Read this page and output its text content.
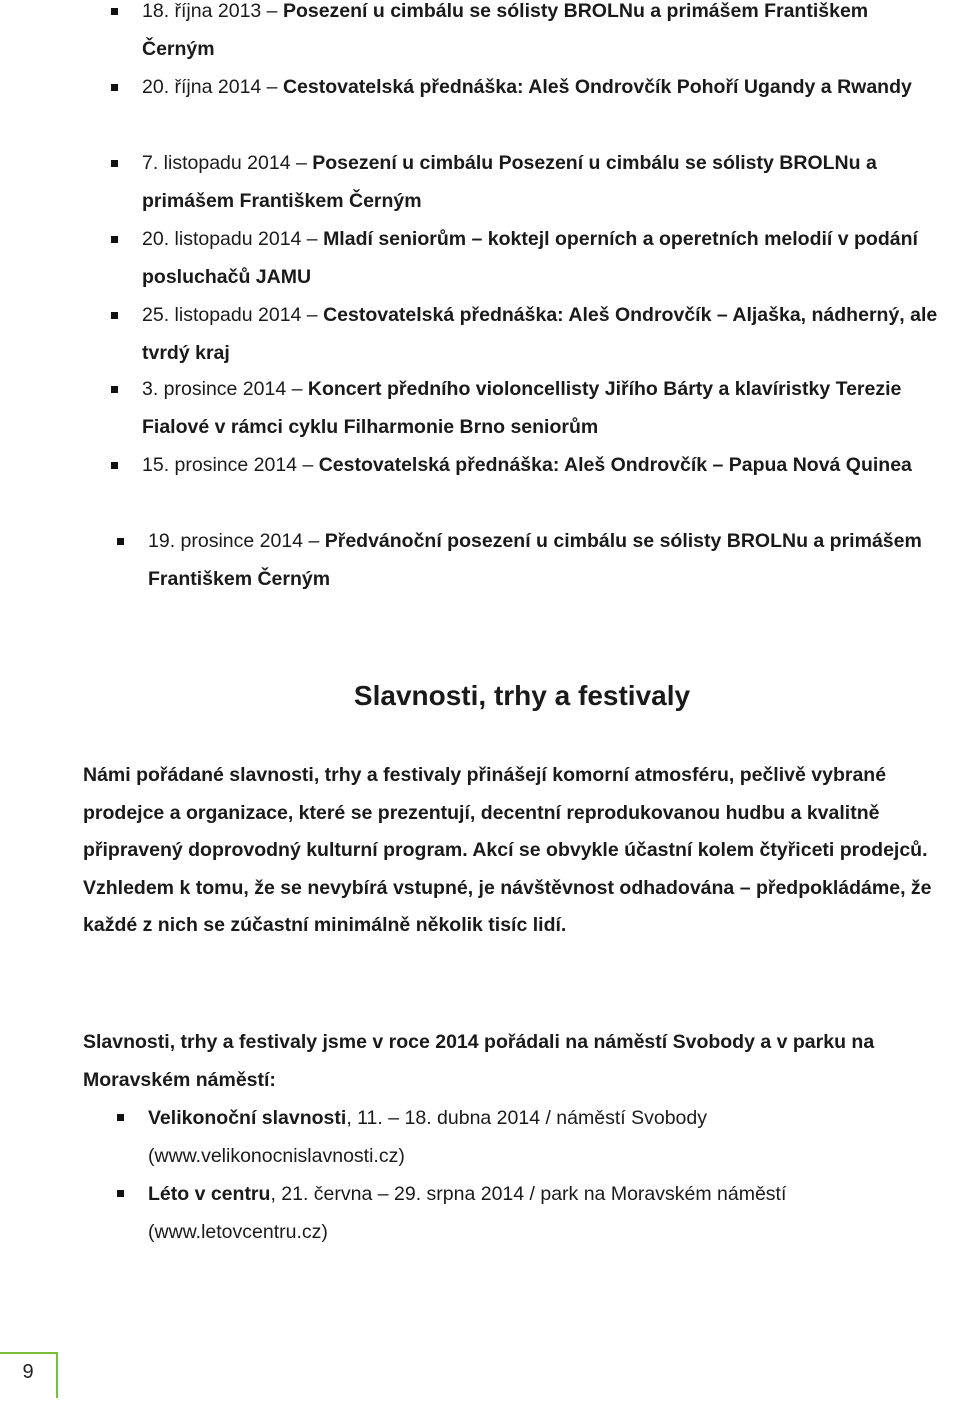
18. října 2013 – Posezení u cimbálu se sólisty BROLNu a primášem Františkem Černým
20. října 2014 – Cestovatelská přednáška: Aleš Ondrovčík Pohoří Ugandy a Rwandy
7. listopadu 2014 – Posezení u cimbálu Posezení u cimbálu se sólisty BROLNu a primášem Františkem Černým
20. listopadu 2014 – Mladí seniorům – koktejl operních a operetních melodií v podání posluchačů JAMU
25. listopadu 2014 – Cestovatelská přednáška: Aleš Ondrovčík – Aljaška, nádherný, ale tvrdý kraj
3. prosince 2014 – Koncert předního violoncellisty Jiřího Bárty a klavíristky Terezie Fialové v rámci cyklu Filharmonie Brno seniorům
15. prosince 2014 – Cestovatelská přednáška: Aleš Ondrovčík – Papua Nová Quinea
19. prosince 2014 – Předvánoční posezení u cimbálu se sólisty BROLNu a primášem Františkem Černým
Slavnosti, trhy a festivaly
Námi pořádané slavnosti, trhy a festivaly přinášejí komorní atmosféru, pečlivě vybrané prodejce a organizace, které se prezentují, decentní reprodukovanou hudbu a kvalitně připravený doprovodný kulturní program. Akcí se obvykle účastní kolem čtyřiceti prodejců. Vzhledem k tomu, že se nevybírá vstupné, je návštěvnost odhadována – předpokládáme, že každé z nich se zúčastní minimálně několik tisíc lidí.
Slavnosti, trhy a festivaly jsme v roce 2014 pořádali na náměstí Svobody a v parku na Moravském náměstí:
Velikonoční slavnosti, 11. – 18. dubna 2014 / náměstí Svobody (www.velikonocnislavnosti.cz)
Léto v centru, 21. června – 29. srpna 2014 / park na Moravském náměstí (www.letovcentru.cz)
9
